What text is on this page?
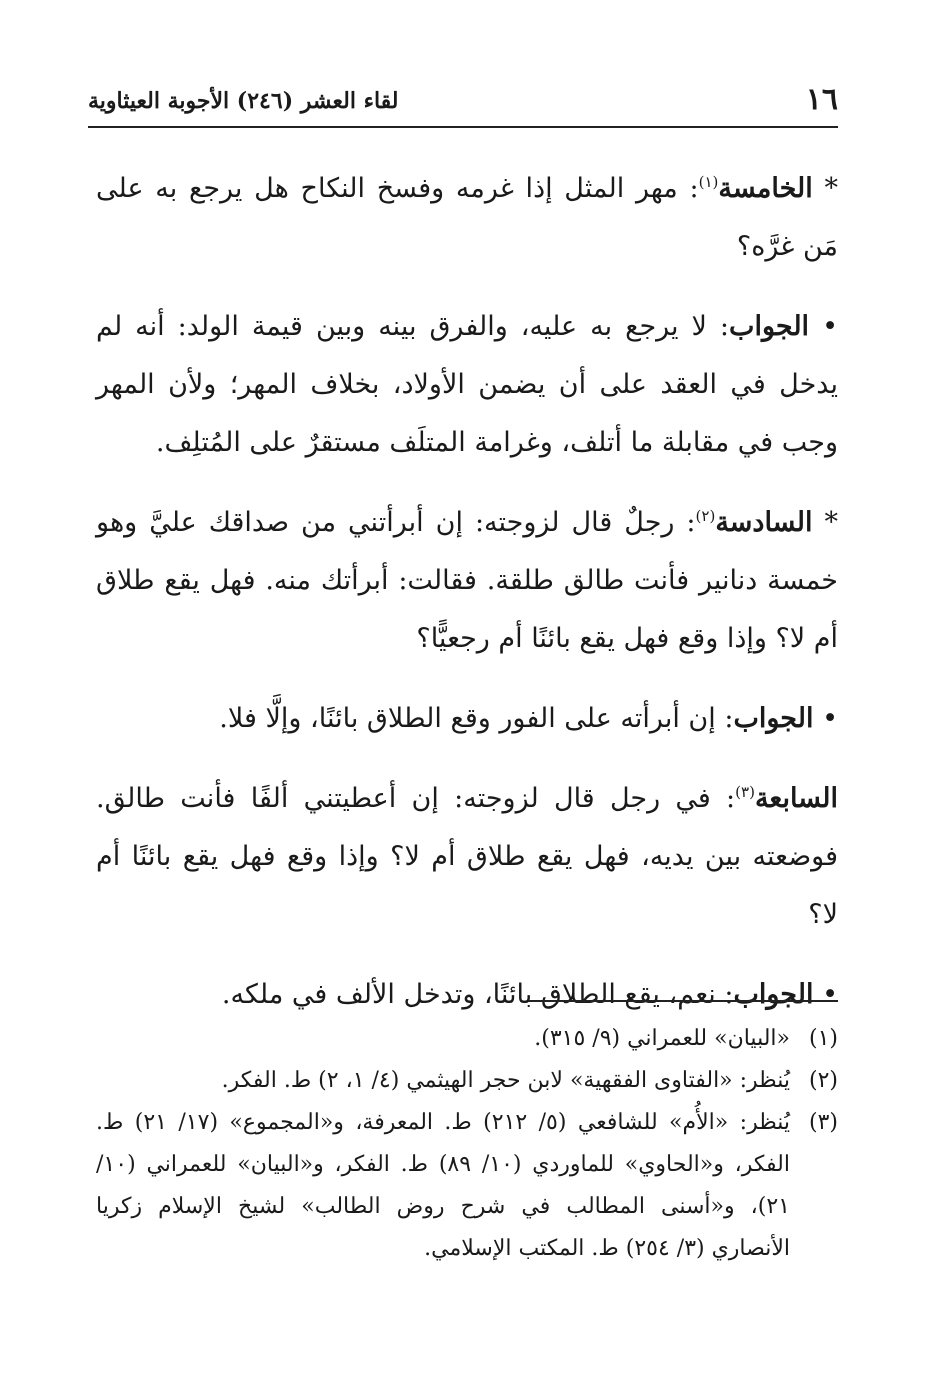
١٦
لقاء العشر (٢٤٦) الأجوبة العيثاوية

* الخامسة$^{(١)}$: مهر المثل إذا غرمه وفسخ النكاح هل يرجع به على مَن غرَّه؟

• الجواب: لا يرجع به عليه، والفرق بينه وبين قيمة الولد: أنه لم يدخل في العقد على أن يضمن الأولاد، بخلاف المهر؛ ولأن المهر وجب في مقابلة ما أتلف، وغرامة المتلَف مستقرٌ على المُتلِف.

* السادسة$^{(٢)}$: رجلٌ قال لزوجته: إن أبرأتني من صداقك عليَّ وهو خمسة دنانير فأنت طالق طلقة. فقالت: أبرأتك منه. فهل يقع طلاق أم لا؟ وإذا وقع فهل يقع بائنًا أم رجعيًّا؟

• الجواب: إن أبرأته على الفور وقع الطلاق بائنًا، وإلَّا فلا.

السابعة$^{(٣)}$: في رجل قال لزوجته: إن أعطيتني ألفًا فأنت طالق. فوضعته بين يديه، فهل يقع طلاق أم لا؟ وإذا وقع فهل يقع بائنًا أم لا؟

• الجواب: نعم، يقع الطلاق بائنًا، وتدخل الألف في ملكه.

(١)
«البيان» للعمراني (٩/ ٣١٥).
(٢)
يُنظر: «الفتاوى الفقهية» لابن حجر الهيثمي (٤/ ١، ٢) ط. الفكر.
(٣)
يُنظر: «الأُم» للشافعي (٥/ ٢١٢) ط. المعرفة، و«المجموع» (١٧/ ٢١) ط. الفكر، و«الحاوي» للماوردي (١٠/ ٨٩) ط. الفكر، و«البيان» للعمراني (١٠/ ٢١)، و«أسنى المطالب في شرح روض الطالب» لشيخ الإسلام زكريا الأنصاري (٣/ ٢٥٤) ط. المكتب الإسلامي.
